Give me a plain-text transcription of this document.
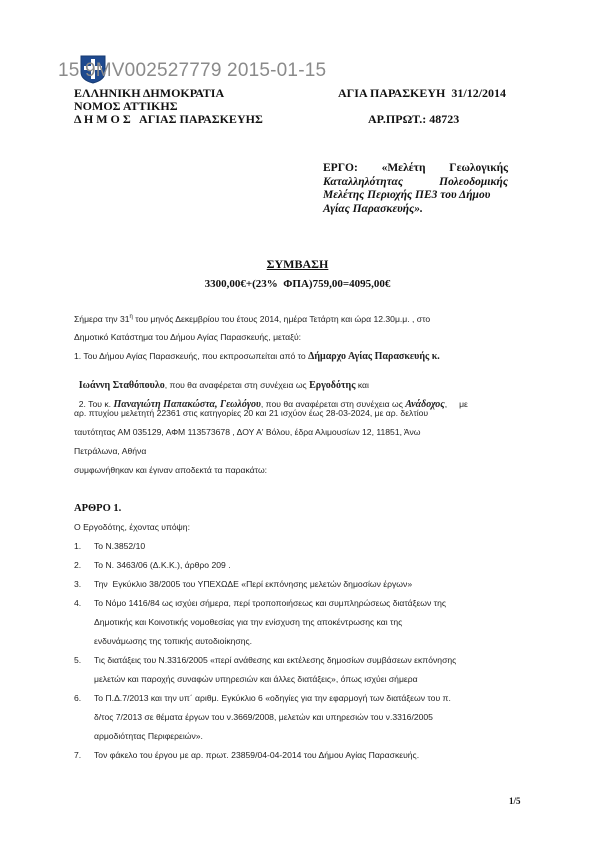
15 9MV002527779 2015-01-15
ΕΛΛΗΝΙΚΗ ΔΗΜΟΚΡΑΤΙΑ
ΝΟΜΟΣ ΑΤΤΙΚΗΣ
Δ Η Μ Ο Σ   ΑΓΙΑΣ ΠΑΡΑΣΚΕΥΗΣ
ΑΓΙΑ ΠΑΡΑΣΚΕΥΗ  31/12/2014
ΑΡ.ΠΡΩΤ.: 48723
ΕΡΓΟ: «Μελέτη Γεωλογικής
Καταλληλότητας	Πολεοδομικής
Μελέτης Περιοχής ΠΕ3 του Δήμου
Αγίας Παρασκευής».
ΣΥΜΒΑΣΗ
3300,00€+(23%  ΦΠΑ)759,00=4095,00€
Σήμερα την $31^\eta$ του μηνός Δεκεμβρίου του έτους 2014, ημέρα Τετάρτη και ώρα 12.30μ.μ. , στο
Δημοτικό Κατάστημα του Δήμου Αγίας Παρασκευής, μεταξύ:
1. Του Δήμου Αγίας Παρασκευής, που εκπροσωπείται από το Δήμαρχο Αγίας Παρασκευής κ.

Ιωάννη Σταθόπουλο, που θα αναφέρεται στη συνέχεια ως Εργοδότης και

2. Του κ. Παναγιώτη Παπακώστα, Γεωλόγου, που θα αναφέρεται στη συνέχεια ως Ανάδοχος,     με

αρ. πτυχίου μελετητή 22361 στις κατηγορίες 20 και 21 ισχύον έως 28-03-2024, με αρ. δελτίου
ταυτότητας ΑΜ 035129, ΑΦΜ 113573678 , ΔΟΥ Α' Βόλου, έδρα Αλιμουσίων 12, 11851, Άνω
Πετράλωνα, Αθήνα
συμφωνήθηκαν και έγιναν αποδεκτά τα παρακάτω:
ΑΡΘΡΟ 1.
Ο Εργοδότης, έχοντας υπόψη:
1. Το Ν.3852/10
2. Το Ν. 3463/06 (Δ.Κ.Κ.), άρθρο 209 .
3. Την  Εγκύκλιο 38/2005 του ΥΠΕΧΩΔΕ «Περί εκπόνησης μελετών δημοσίων έργων»
4. Το Νόμο 1416/84 ως ισχύει σήμερα, περί τροποποιήσεως και συμπληρώσεως διατάξεων της
Δημοτικής και Κοινοτικής νομοθεσίας για την ενίσχυση της αποκέντρωσης και της
ενδυνάμωσης της τοπικής αυτοδιοίκησης.
5. Τις διατάξεις του Ν.3316/2005 «περί ανάθεσης και εκτέλεσης δημοσίων συμβάσεων εκπόνησης
μελετών και παροχής συναφών υπηρεσιών και άλλες διατάξεις», όπως ισχύει σήμερα
6. Το Π.Δ.7/2013 και την υπ΄ αριθμ. Εγκύκλιο 6 «οδηγίες για την εφαρμογή των διατάξεων του π.
δ/τος 7/2013 σε θέματα έργων του ν.3669/2008, μελετών και υπηρεσιών του ν.3316/2005
αρμοδιότητας Περιφερειών».
7. Τον φάκελο του έργου με αρ. πρωτ. 23859/04-04-2014 του Δήμου Αγίας Παρασκευής.
1/5
